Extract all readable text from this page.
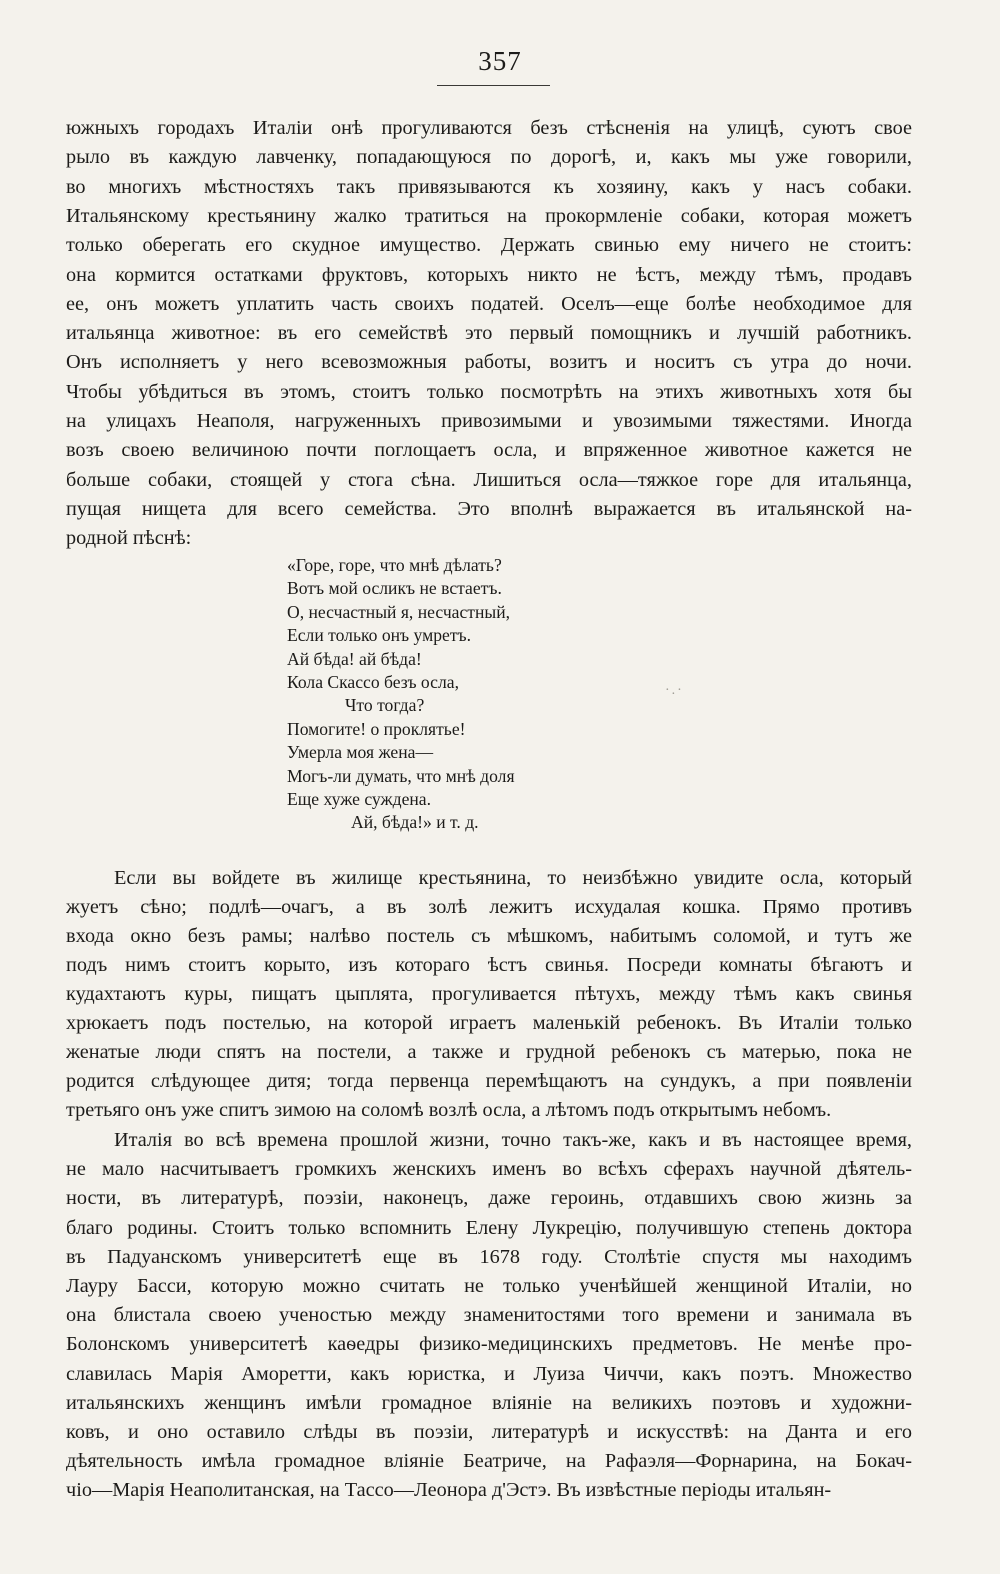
357
южныхъ городахъ Италіи онѣ прогуливаются безъ стѣсненія на улицѣ, суютъ свое
рыло въ каждую лавченку, попадающуюся по дорогѣ, и, какъ мы уже говорили,
во многихъ мѣстностяхъ такъ привязываются къ хозяину, какъ у насъ собаки.
Итальянскому крестьянину жалко тратиться на прокормленіе собаки, которая можетъ
только оберегать его скудное имущество. Держать свинью ему ничего не стоитъ:
она кормится остатками фруктовъ, которыхъ никто не ѣстъ, между тѣмъ, продавъ
ее, онъ можетъ уплатить часть своихъ податей. Оселъ—еще болѣе необходимое для
итальянца животное: въ его семействѣ это первый помощникъ и лучшій работникъ.
Онъ исполняетъ у него всевозможныя работы, возитъ и носитъ съ утра до ночи.
Чтобы убѣдиться въ этомъ, стоитъ только посмотрѣть на этихъ животныхъ хотя бы
на улицахъ Неаполя, нагруженныхъ привозимыми и увозимыми тяжестями. Иногда
возъ своею величиною почти поглощаетъ осла, и впряженное животное кажется не
больше собаки, стоящей у стога сѣна. Лишиться осла—тяжкое горе для итальянца,
пущая нищета для всего семейства. Это вполнѣ выражается въ итальянской на-
родной пѣснѣ:
«Горе, горе, что мнѣ дѣлать?
Вотъ мой осликъ не встаетъ.
О, несчастный я, несчастный,
Если только онъ умретъ.
Ай бѣда! ай бѣда!
Кола Скассо безъ осла,
Что тогда?
Помогите! о проклятье!
Умерла моя жена—
Могъ-ли думать, что мнѣ доля
Еще хуже суждена.
Ай, бѣда!» и т. д.
·.·
Если вы войдете въ жилище крестьянина, то неизбѣжно увидите осла, который
жуетъ сѣно; подлѣ—очагъ, а въ золѣ лежитъ исхудалая кошка. Прямо противъ
входа окно безъ рамы; налѣво постель съ мѣшкомъ, набитымъ соломой, и тутъ же
подъ нимъ стоитъ корыто, изъ котораго ѣстъ свинья. Посреди комнаты бѣгаютъ и
кудахтаютъ куры, пищатъ цыплята, прогуливается пѣтухъ, между тѣмъ какъ свинья
хрюкаетъ подъ постелью, на которой играетъ маленькій ребенокъ. Въ Италіи только
женатые люди спятъ на постели, а также и грудной ребенокъ съ матерью, пока не
родится слѣдующее дитя; тогда первенца перемѣщаютъ на сундукъ, а при появленіи
третьяго онъ уже спитъ зимою на соломѣ возлѣ осла, а лѣтомъ подъ открытымъ небомъ.
Италія во всѣ времена прошлой жизни, точно такъ-же, какъ и въ настоящее время,
не мало насчитываетъ громкихъ женскихъ именъ во всѣхъ сферахъ научной дѣятель-
ности, въ литературѣ, поэзіи, наконецъ, даже героинь, отдавшихъ свою жизнь за
благо родины. Стоитъ только вспомнить Елену Лукрецію, получившую степень доктора
въ Падуанскомъ университетѣ еще въ 1678 году. Столѣтіе спустя мы находимъ
Лауру Басси, которую можно считать не только ученѣйшей женщиной Италіи, но
она блистала своею ученостью между знаменитостями того времени и занимала въ
Болонскомъ университетѣ каѳедры физико-медицинскихъ предметовъ. Не менѣе про-
славилась Марія Аморетти, какъ юристка, и Луиза Чиччи, какъ поэтъ. Множество
итальянскихъ женщинъ имѣли громадное вліяніе на великихъ поэтовъ и художни-
ковъ, и оно оставило слѣды въ поэзіи, литературѣ и искусствѣ: на Данта и его
дѣятельность имѣла громадное вліяніе Беатриче, на Рафаэля—Форнарина, на Бокач-
чіо—Марія Неаполитанская, на Тассо—Леонора д'Эстэ. Въ извѣстные періоды итальян-
